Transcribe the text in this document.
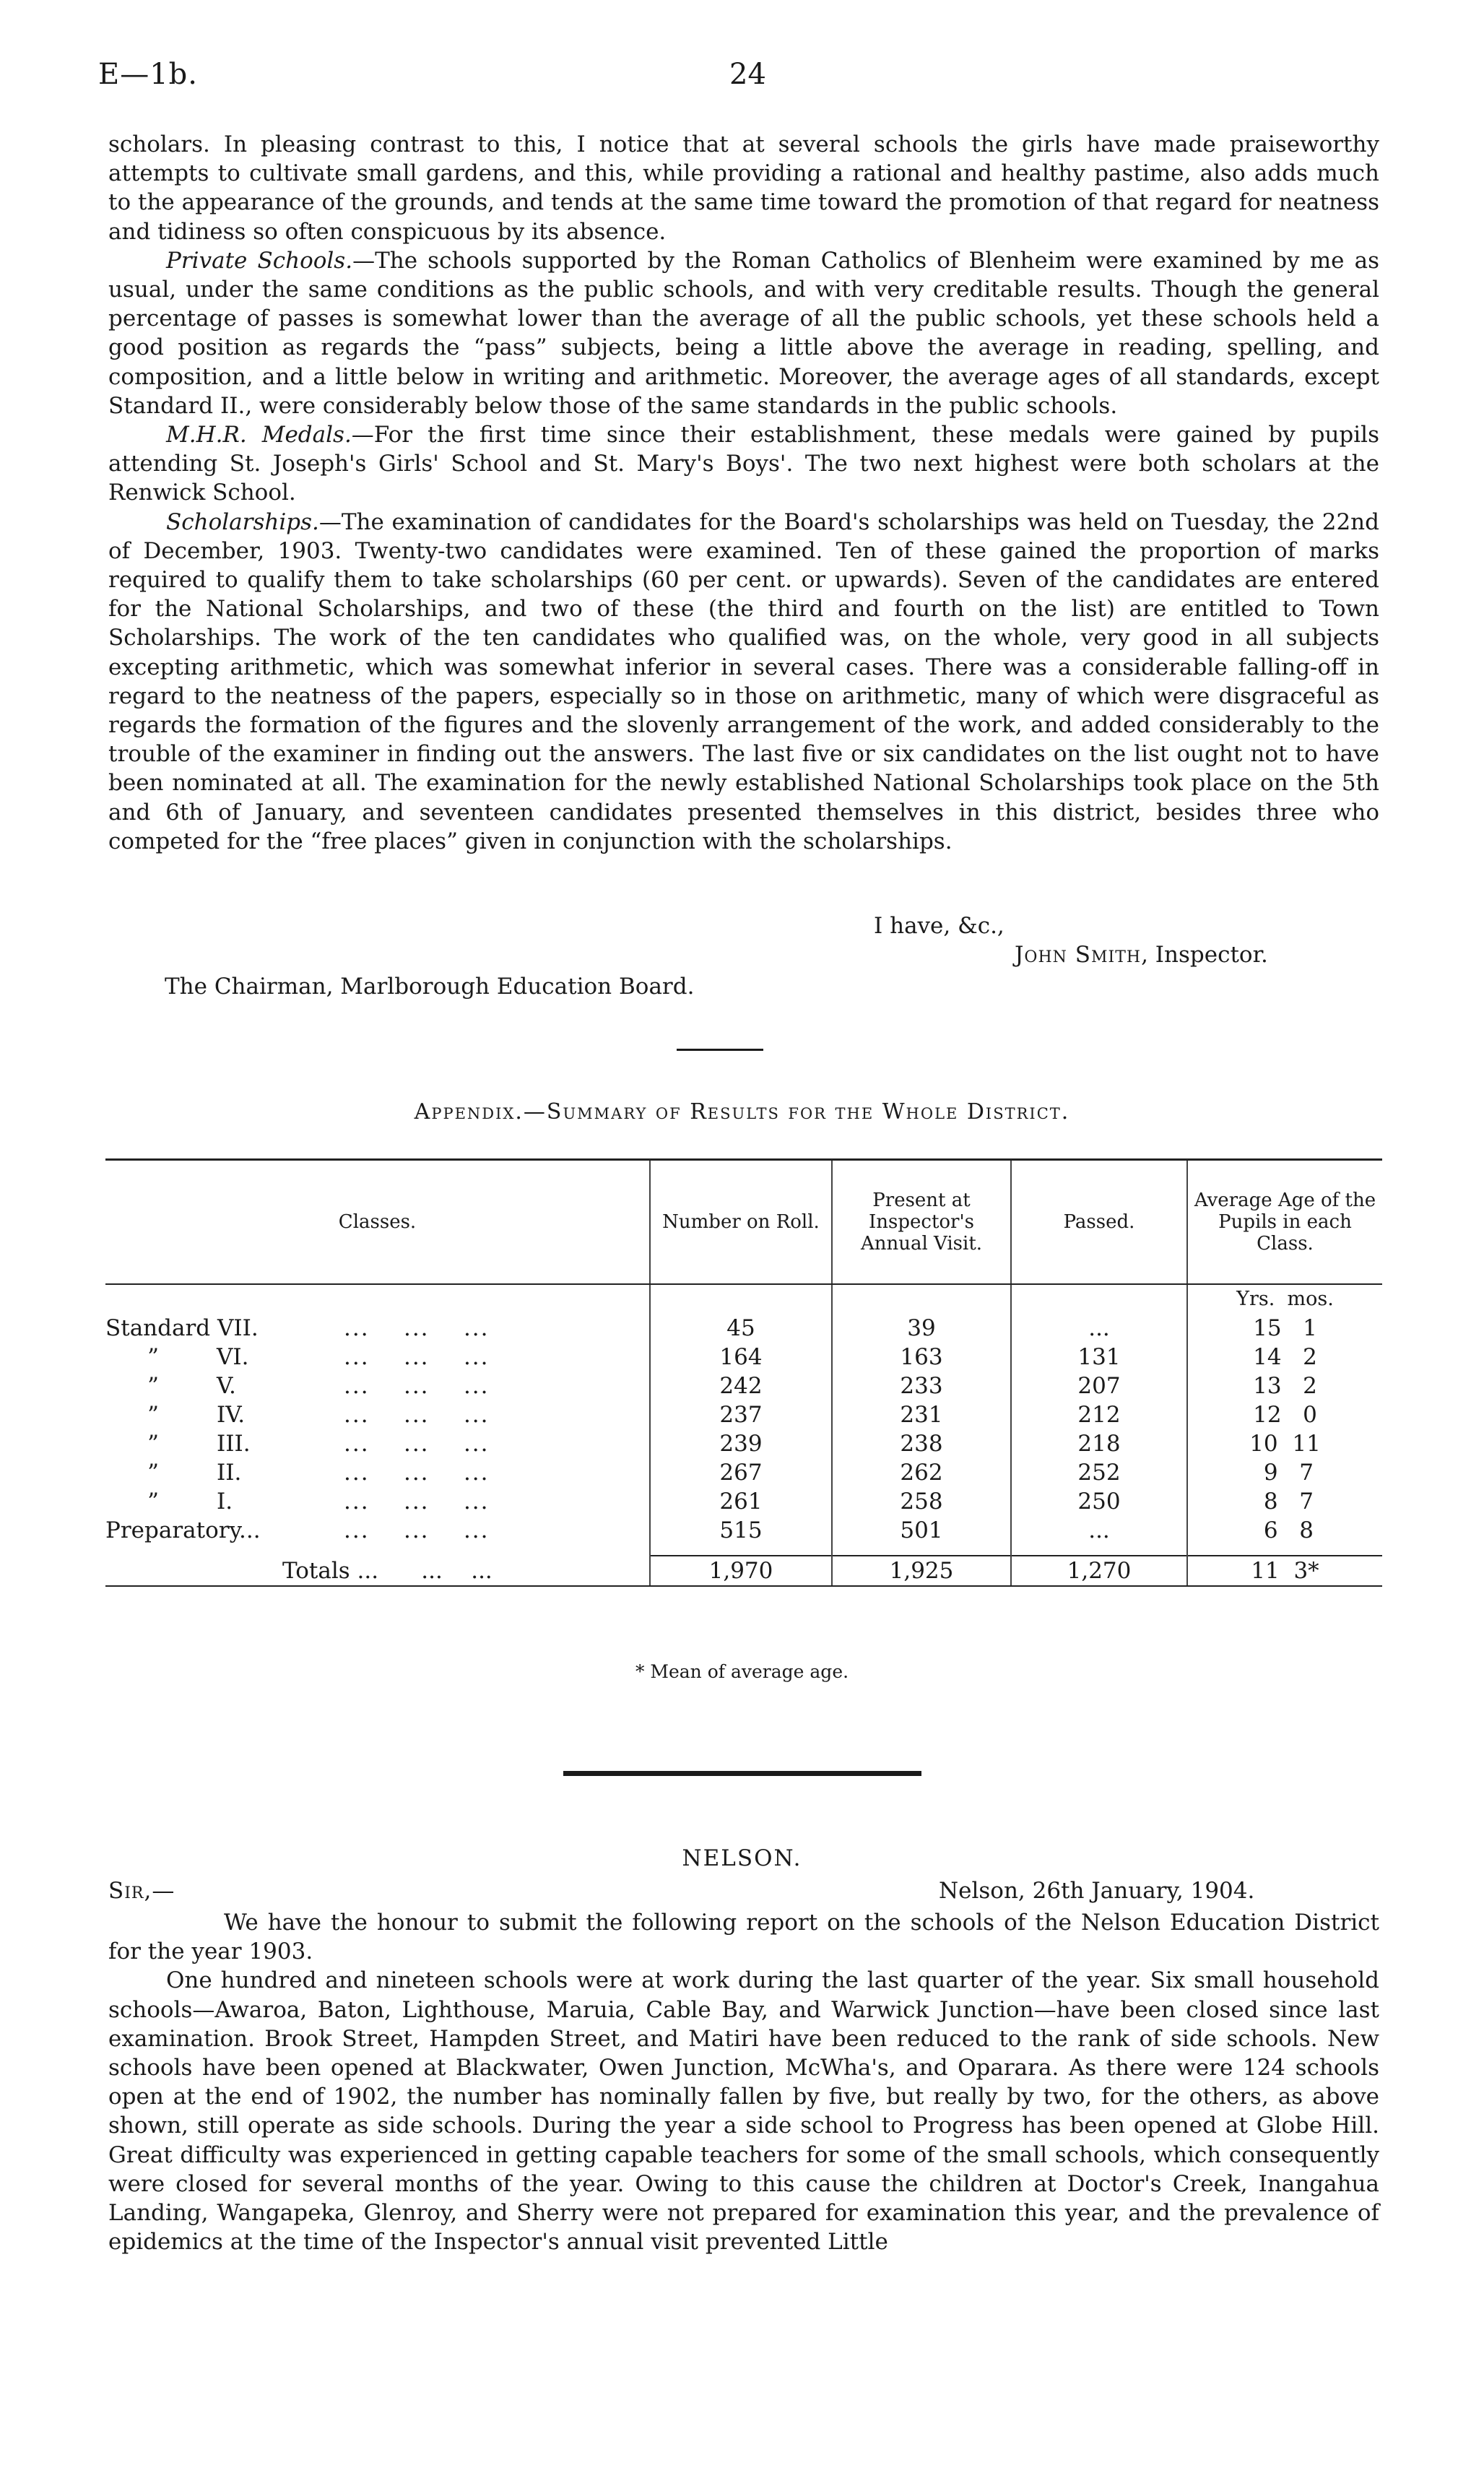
E—1b.	24

scholars. In pleasing contrast to this, I notice that at several schools the girls have made praiseworthy attempts to cultivate small gardens, and this, while providing a rational and healthy pastime, also adds much to the appearance of the grounds, and tends at the same time toward the promotion of that regard for neatness and tidiness so often conspicuous by its absence.

Private Schools.—The schools supported by the Roman Catholics of Blenheim were examined by me as usual, under the same conditions as the public schools, and with very creditable results. Though the general percentage of passes is somewhat lower than the average of all the public schools, yet these schools held a good position as regards the “pass” subjects, being a little above the average in reading, spelling, and composition, and a little below in writing and arithmetic. Moreover, the average ages of all standards, except Standard II., were considerably below those of the same standards in the public schools.

M.H.R. Medals.—For the first time since their establishment, these medals were gained by pupils attending St. Joseph's Girls' School and St. Mary's Boys'. The two next highest were both scholars at the Renwick School.

Scholarships.—The examination of candidates for the Board's scholarships was held on Tuesday, the 22nd of December, 1903. Twenty-two candidates were examined. Ten of these gained the proportion of marks required to qualify them to take scholarships (60 per cent. or upwards). Seven of the candidates are entered for the National Scholarships, and two of these (the third and fourth on the list) are entitled to Town Scholarships. The work of the ten candidates who qualified was, on the whole, very good in all subjects excepting arithmetic, which was somewhat inferior in several cases. There was a considerable falling-off in regard to the neatness of the papers, especially so in those on arithmetic, many of which were disgraceful as regards the formation of the figures and the slovenly arrangement of the work, and added considerably to the trouble of the examiner in finding out the answers. The last five or six candidates on the list ought not to have been nominated at all. The examination for the newly established National Scholarships took place on the 5th and 6th of January, and seventeen candidates presented themselves in this district, besides three who competed for the “free places” given in conjunction with the scholarships.

I have, &c.,
John Smith, Inspector.
The Chairman, Marlborough Education Board.
Appendix.—Summary of Results for the Whole District.
Classes.	Number on Roll.	Present at Inspector's Annual Visit.	Passed.	Average Age of the Pupils in each Class.
				Yrs.  mos.
Standard VII. ...    ...    ...	45	39	...	15   1
” VI. ...    ...    ...	164	163	131	14   2
” V. ...    ...    ...	242	233	207	13   2
” IV. ...    ...    ...	237	231	212	12   0
” III. ...    ...    ...	239	238	218	10  11
” II. ...    ...    ...	267	262	252	9   7
” I. ...    ...    ...	261	258	250	8   7
Preparatory... ...    ...    ...	515	501	...	6   8

Totals ...      ...    ...	1,970	1,925	1,270	11  3*
* Mean of average age.
NELSON.
Sir,—	Nelson, 26th January, 1904.

We have the honour to submit the following report on the schools of the Nelson Education District for the year 1903.

One hundred and nineteen schools were at work during the last quarter of the year. Six small household schools—Awaroa, Baton, Lighthouse, Maruia, Cable Bay, and Warwick Junction—have been closed since last examination. Brook Street, Hampden Street, and Matiri have been reduced to the rank of side schools. New schools have been opened at Blackwater, Owen Junction, McWha's, and Oparara. As there were 124 schools open at the end of 1902, the number has nominally fallen by five, but really by two, for the others, as above shown, still operate as side schools. During the year a side school to Progress has been opened at Globe Hill. Great difficulty was experienced in getting capable teachers for some of the small schools, which consequently were closed for several months of the year. Owing to this cause the children at Doctor's Creek, Inangahua Landing, Wangapeka, Glenroy, and Sherry were not prepared for examination this year, and the prevalence of epidemics at the time of the Inspector's annual visit prevented Little
